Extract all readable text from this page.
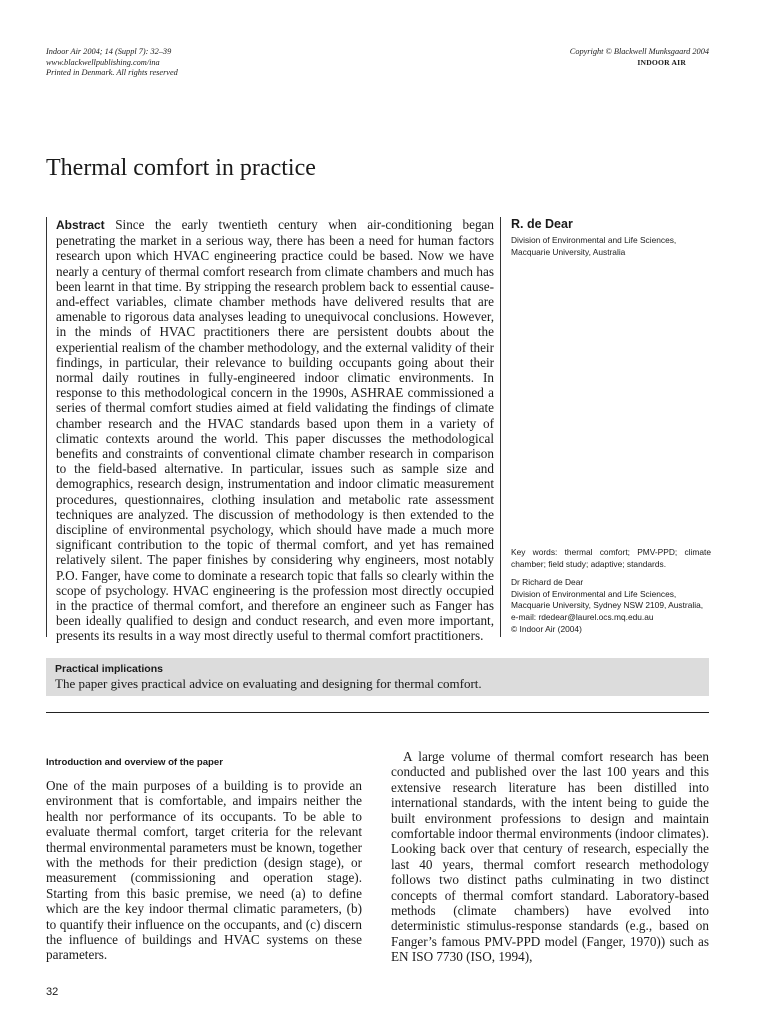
Indoor Air 2004; 14 (Suppl 7): 32–39
www.blackwellpublishing.com/ina
Printed in Denmark. All rights reserved
Copyright © Blackwell Munksgaard 2004
INDOOR AIR
Thermal comfort in practice

Abstract Since the early twentieth century when air-conditioning began penetrating the market in a serious way, there has been a need for human factors research upon which HVAC engineering practice could be based. Now we have nearly a century of thermal comfort research from climate chambers and much has been learnt in that time. By stripping the research problem back to essential cause-and-effect variables, climate chamber methods have delivered results that are amenable to rigorous data analyses leading to unequivocal conclusions. However, in the minds of HVAC practitioners there are persistent doubts about the experiential realism of the chamber methodology, and the external validity of their findings, in particular, their relevance to building occupants going about their normal daily routines in fully-engineered indoor climatic environments. In response to this methodological concern in the 1990s, ASHRAE commissioned a series of thermal comfort studies aimed at field validating the findings of climate chamber research and the HVAC standards based upon them in a variety of climatic contexts around the world. This paper discusses the methodological benefits and constraints of conventional climate chamber research in comparison to the field-based alternative. In particular, issues such as sample size and demographics, research design, instrumentation and indoor climatic measurement procedures, questionnaires, clothing insulation and metabolic rate assessment techniques are analyzed. The discussion of methodology is then extended to the discipline of environmental psychology, which should have made a much more significant contribution to the topic of thermal comfort, and yet has remained relatively silent. The paper finishes by considering why engineers, most notably P.O. Fanger, have come to dominate a research topic that falls so clearly within the scope of psychology. HVAC engineering is the profession most directly occupied in the practice of thermal comfort, and therefore an engineer such as Fanger has been ideally qualified to design and conduct research, and even more important, presents its results in a way most directly useful to thermal comfort practitioners.

R. de Dear
Division of Environmental and Life Sciences, Macquarie University, Australia
Key words: thermal comfort; PMV-PPD; climate chamber; field study; adaptive; standards.
Dr Richard de Dear
Division of Environmental and Life Sciences, Macquarie University, Sydney NSW 2109, Australia,
e-mail: rdedear@laurel.ocs.mq.edu.au
© Indoor Air (2004)
Practical implications
The paper gives practical advice on evaluating and designing for thermal comfort.
Introduction and overview of the paper

One of the main purposes of a building is to provide an environment that is comfortable, and impairs neither the health nor performance of its occupants. To be able to evaluate thermal comfort, target criteria for the relevant thermal environmental parameters must be known, together with the methods for their prediction (design stage), or measurement (commissioning and operation stage). Starting from this basic premise, we need (a) to define which are the key indoor thermal climatic parameters, (b) to quantify their influence on the occupants, and (c) discern the influence of buildings and HVAC systems on these parameters.

A large volume of thermal comfort research has been conducted and published over the last 100 years and this extensive research literature has been distilled into international standards, with the intent being to guide the built environment professions to design and maintain comfortable indoor thermal environments (indoor climates). Looking back over that century of research, especially the last 40 years, thermal comfort research methodology follows two distinct paths culminating in two distinct concepts of thermal comfort standard. Laboratory-based methods (climate chambers) have evolved into deterministic stimulus-response standards (e.g., based on Fanger’s famous PMV-PPD model (Fanger, 1970)) such as EN ISO 7730 (ISO, 1994),

32
